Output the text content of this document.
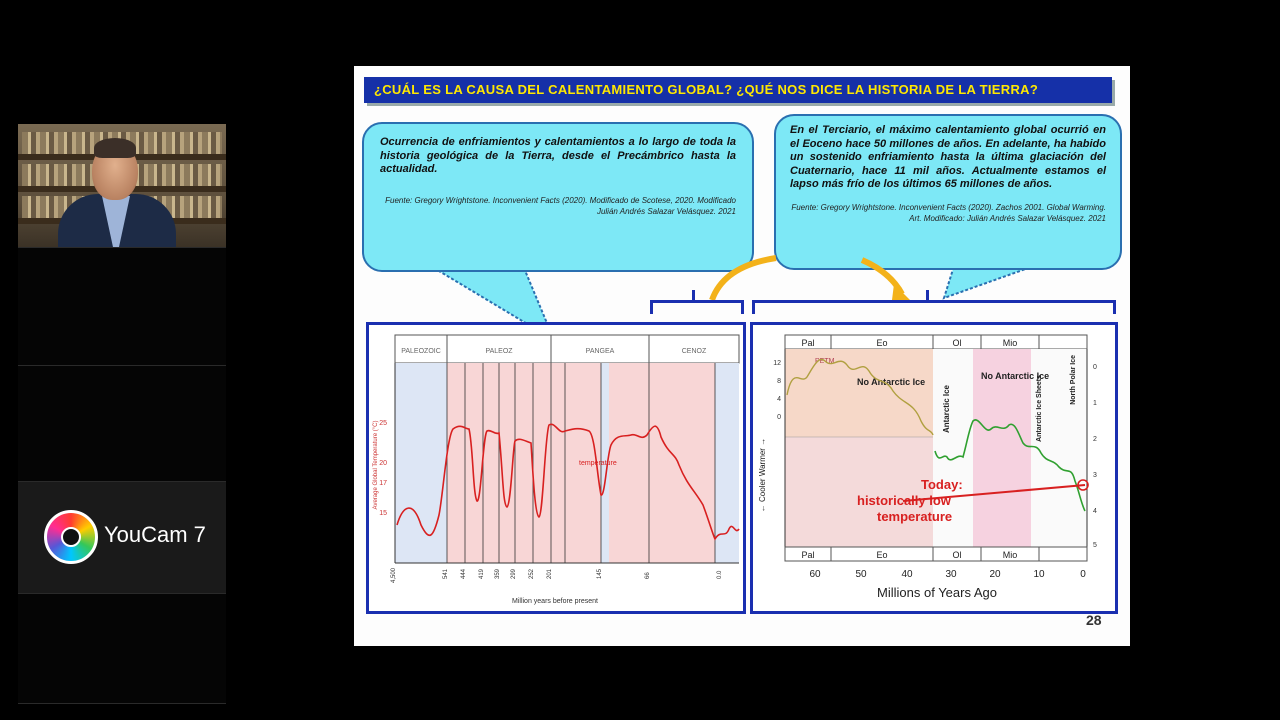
YouCam 7
¿CUÁL ES LA CAUSA DEL CALENTAMIENTO GLOBAL? ¿QUÉ NOS DICE LA HISTORIA DE LA TIERRA?

Ocurrencia de enfriamientos y calentamientos a lo largo de toda la historia geológica de la Tierra, desde el Precámbrico hasta la actualidad.

Fuente: Gregory Wrightstone. Inconvenient Facts (2020). Modificado de Scotese, 2020. Modificado Julián Andrés Salazar Velásquez. 2021

En el Terciario, el máximo calentamiento global ocurrió en el Eoceno hace 50 millones de años. En adelante, ha habido un sostenido enfriamiento hasta la última glaciación del Cuaternario, hace 11 mil años. Actualmente estamos el lapso más frío de los últimos 65 millones de años.

Fuente: Gregory Wrightstone. Inconvenient Facts (2020). Zachos 2001. Global Warming. Art. Modificado: Julián Andrés Salazar Velásquez. 2021

PALEOZOIC	PALEOZ	PANGEA	CENOZ
25
20
17
15
Average Global Temperature (°C)	temperature
4,500	541 444 419 359 299 252 201	145	66	0.0
Million years before present
Pal	Eo	Ol	Mio
PETM
No Antarctic Ice
Antarctic Ice
No Antarctic Ice
Antarctic Ice Sheets	North Polar Ice
12
8
4
0
← Cooler Warmer →
0
1
2
3
4
5
Today:
historically low
temperature
Pal	Eo	Ol	Mio
60	50	40	30	20	10	0
Millions of Years Ago
28
